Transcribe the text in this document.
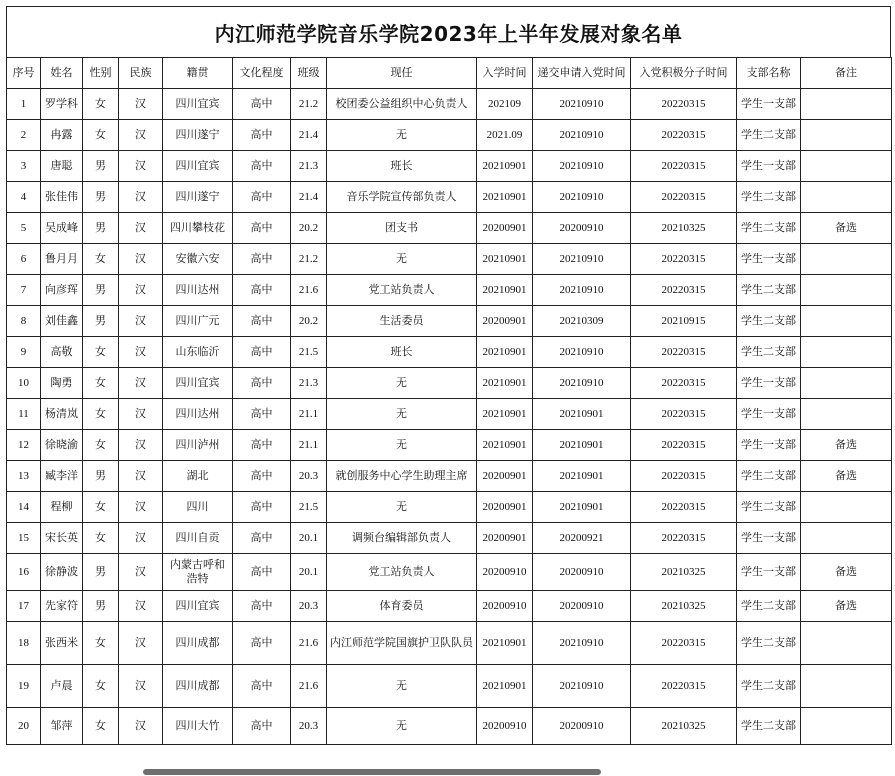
内江师范学院音乐学院2023年上半年发展对象名单
序号	姓名	性别	民族	籍贯	文化程度	班级	现任	入学时间	递交申请入党时间	入党积极分子时间	支部名称	备注
1	罗学科	女	汉	四川宜宾	高中	21.2	校团委公益组织中心负责人	202109	20210910	20220315	学生一支部	
2	冉露	女	汉	四川遂宁	高中	21.4	无	2021.09	20210910	20220315	学生二支部	
3	唐聪	男	汉	四川宜宾	高中	21.3	班长	20210901	20210910	20220315	学生一支部	
4	张佳伟	男	汉	四川遂宁	高中	21.4	音乐学院宣传部负责人	20210901	20210910	20220315	学生二支部	
5	吴成峰	男	汉	四川攀枝花	高中	20.2	团支书	20200901	20200910	20210325	学生二支部	备选
6	鲁月月	女	汉	安徽六安	高中	21.2	无	20210901	20210910	20220315	学生一支部	
7	向彦珲	男	汉	四川达州	高中	21.6	党工站负责人	20210901	20210910	20220315	学生二支部	
8	刘佳鑫	男	汉	四川广元	高中	20.2	生活委员	20200901	20210309	20210915	学生二支部	
9	高敬	女	汉	山东临沂	高中	21.5	班长	20210901	20210910	20220315	学生二支部	
10	陶勇	女	汉	四川宜宾	高中	21.3	无	20210901	20210910	20220315	学生一支部	
11	杨清岚	女	汉	四川达州	高中	21.1	无	20210901	20210901	20220315	学生一支部	
12	徐晓渝	女	汉	四川泸州	高中	21.1	无	20210901	20210901	20220315	学生一支部	备选
13	臧李洋	男	汉	湖北	高中	20.3	就创服务中心学生助理主席	20200901	20210901	20220315	学生二支部	备选
14	程柳	女	汉	四川	高中	21.5	无	20200901	20210901	20220315	学生二支部	
15	宋长英	女	汉	四川自贡	高中	20.1	调频台编辑部负责人	20200901	20200921	20220315	学生一支部	
16	徐静波	男	汉	内蒙古呼和浩特	高中	20.1	党工站负责人	20200910	20200910	20210325	学生一支部	备选
17	先家符	男	汉	四川宜宾	高中	20.3	体育委员	20200910	20200910	20210325	学生二支部	备选
18	张西米	女	汉	四川成都	高中	21.6	内江师范学院国旗护卫队队员	20210901	20210910	20220315	学生二支部	
19	卢晨	女	汉	四川成都	高中	21.6	无	20210901	20210910	20220315	学生二支部	
20	邹萍	女	汉	四川大竹	高中	20.3	无	20200910	20200910	20210325	学生二支部	
